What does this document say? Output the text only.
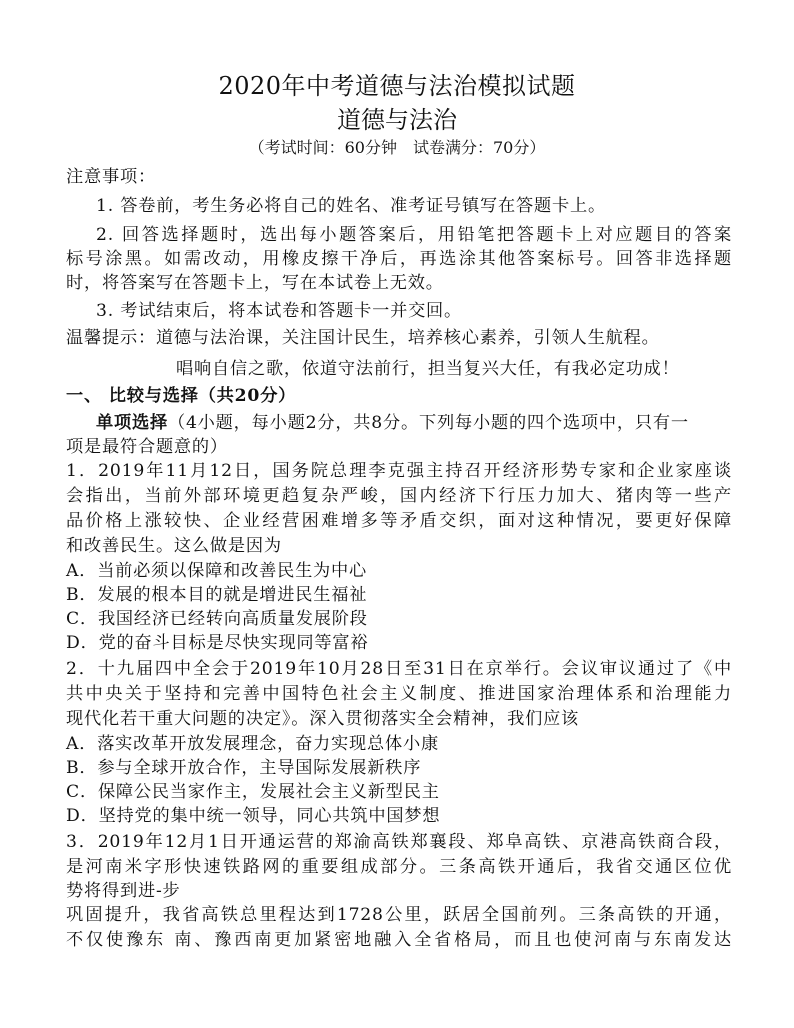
2020年中考道德与法治模拟试题
道德与法治
（考试时间：60分钟　试卷满分：70分）
注意事项：
1. 答卷前，考生务必将自己的姓名、准考证号镇写在答题卡上。
2. 回答选择题时，选出每小题答案后，用铅笔把答题卡上对应题目的答案
标号涂黑。如需改动，用橡皮擦干净后，再选涂其他答案标号。回答非选择题
时，将答案写在答题卡上，写在本试卷上无效。
3. 考试结束后，将本试卷和答题卡一并交回。
温馨提示：道德与法治课，关注国计民生，培养核心素养，引领人生航程。
唱响自信之歌，依道守法前行，担当复兴大任，有我必定功成！
一、 比较与选择（共20分）
单项选择（4小题，每小题2分，共8分。下列每小题的四个选项中，只有一
项是最符合题意的）
1．2019年11月12日，国务院总理李克强主持召开经济形势专家和企业家座谈
会指出，当前外部环境更趋复杂严峻，国内经济下行压力加大、猪肉等一些产
品价格上涨较快、企业经营困难增多等矛盾交织，面对这种情况，要更好保障
和改善民生。这么做是因为
A．当前必须以保障和改善民生为中心
B．发展的根本目的就是增进民生福祉
C．我国经济已经转向高质量发展阶段
D．党的奋斗目标是尽快实现同等富裕
2．十九届四中全会于2019年10月28日至31日在京举行。会议审议通过了《中
共中央关于坚持和完善中国特色社会主义制度、推进国家治理体系和治理能力
现代化若干重大问题的决定》。深入贯彻落实全会精神，我们应该
A．落实改革开放发展理念，奋力实现总体小康
B．参与全球开放合作，主导国际发展新秩序
C．保障公民当家作主，发展社会主义新型民主
D．坚持党的集中统一领导，同心共筑中国梦想
3．2019年12月1日开通运营的郑渝高铁郑襄段、郑阜高铁、京港高铁商合段，
是河南米字形快速铁路网的重要组成部分。三条高铁开通后，我省交通区位优
势将得到进-步
巩固提升，我省高铁总里程达到1728公里，跃居全国前列。三条高铁的开通，
不仅使豫东 南、豫西南更加紧密地融入全省格局，而且也使河南与东南发达
